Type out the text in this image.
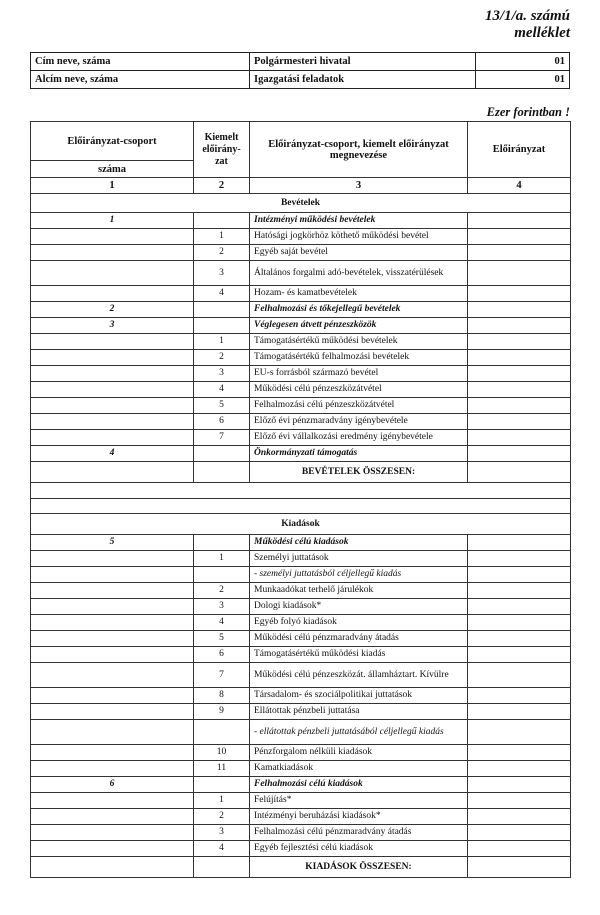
13/1/a. számú
melléklet
Cím neve, száma	Polgármesteri hivatal	01
Alcím neve, száma	Igazgatási feladatok	01
Ezer forintban !
Előirányzat-csoport	Kiemelt előirány-zat	Előirányzat-csoport, kiemelt előirányzat megnevezése	Előirányzat
száma			
1	2	3	4
Bevételek			
1		Intézményi működési bevételek	
	1	Hatósági jogkörhöz köthető működési bevétel	
	2	Egyéb saját bevétel	
	3	Általános forgalmi adó-bevételek, visszatérülések	
	4	Hozam- és kamatbevételek	
2		Felhalmozási és tőkejellegű bevételek	
3		Véglegesen átvett pénzeszközök	
	1	Támogatásértékű működési bevételek	
	2	Támogatásértékű felhalmozási bevételek	
	3	EU-s forrásból származó bevétel	
	4	Működési célú pénzeszközátvétel	
	5	Felhalmozási célú pénzeszközátvétel	
	6	Előző évi pénzmaradvány igénybevétele	
	7	Előző évi vállalkozási eredmény igénybevétele	
4		Önkormányzati támogatás	
		BEVÉTELEK ÖSSZESEN:	

Kiadások			
5		Működési célú kiadások	
	1	Személyi juttatások	
		- személyi juttatásból céljellegű kiadás	
	2	Munkaadókat terhelő járulékok	
	3	Dologi kiadások*	
	4	Egyéb folyó kiadások	
	5	Működési célú pénzmaradvány átadás	
	6	Támogatásértékű működési kiadás	
	7	Működési célú pénzeszközát. államháztart. Kívülre	
	8	Társadalom- és szociálpolitikai juttatások	
	9	Ellátottak pénzbeli juttatása	
		- ellátottak pénzbeli juttatásából céljellegű kiadás	
	10	Pénzforgalom nélküli kiadások	
	11	Kamatkiadások	
6		Felhalmozási célú kiadások	
	1	Felújítás*	
	2	Intézményi beruházási kiadások*	
	3	Felhalmozási célú pénzmaradvány átadás	
	4	Egyéb fejlesztési célú kiadások	
		KIADÁSOK ÖSSZESEN:	
